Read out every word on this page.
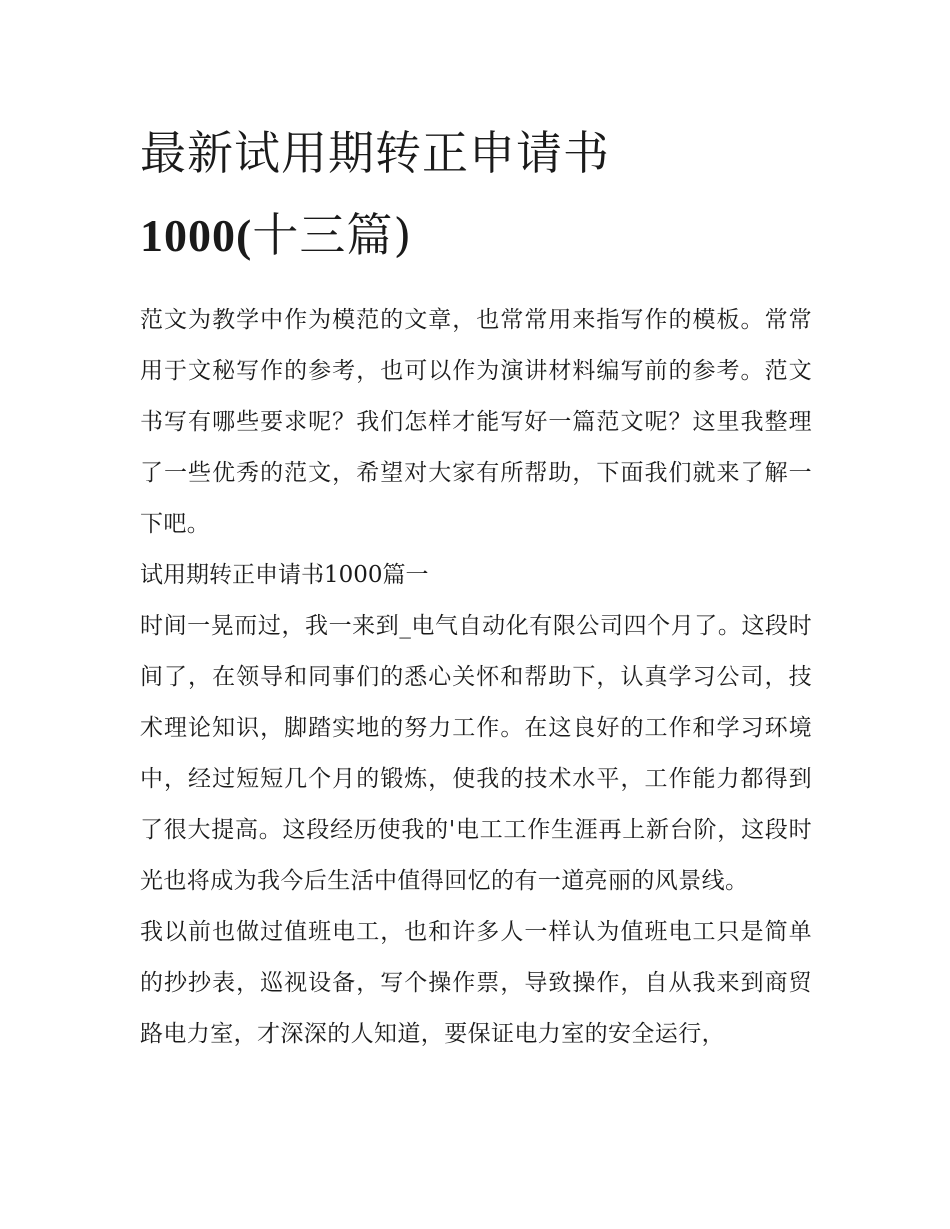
最新试用期转正申请书
1000(十三篇)

范文为教学中作为模范的文章，也常常用来指写作的模板。常常用于文秘写作的参考，也可以作为演讲材料编写前的参考。范文书写有哪些要求呢？我们怎样才能写好一篇范文呢？这里我整理了一些优秀的范文，希望对大家有所帮助，下面我们就来了解一下吧。

试用期转正申请书1000篇一

时间一晃而过，我一来到_电气自动化有限公司四个月了。这段时间了，在领导和同事们的悉心关怀和帮助下，认真学习公司，技术理论知识，脚踏实地的努力工作。在这良好的工作和学习环境中，经过短短几个月的锻炼，使我的技术水平，工作能力都得到了很大提高。这段经历使我的'电工工作生涯再上新台阶，这段时光也将成为我今后生活中值得回忆的有一道亮丽的风景线。

我以前也做过值班电工，也和许多人一样认为值班电工只是简单的抄抄表，巡视设备，写个操作票，导致操作，自从我来到商贸路电力室，才深深的人知道，要保证电力室的安全运行，
